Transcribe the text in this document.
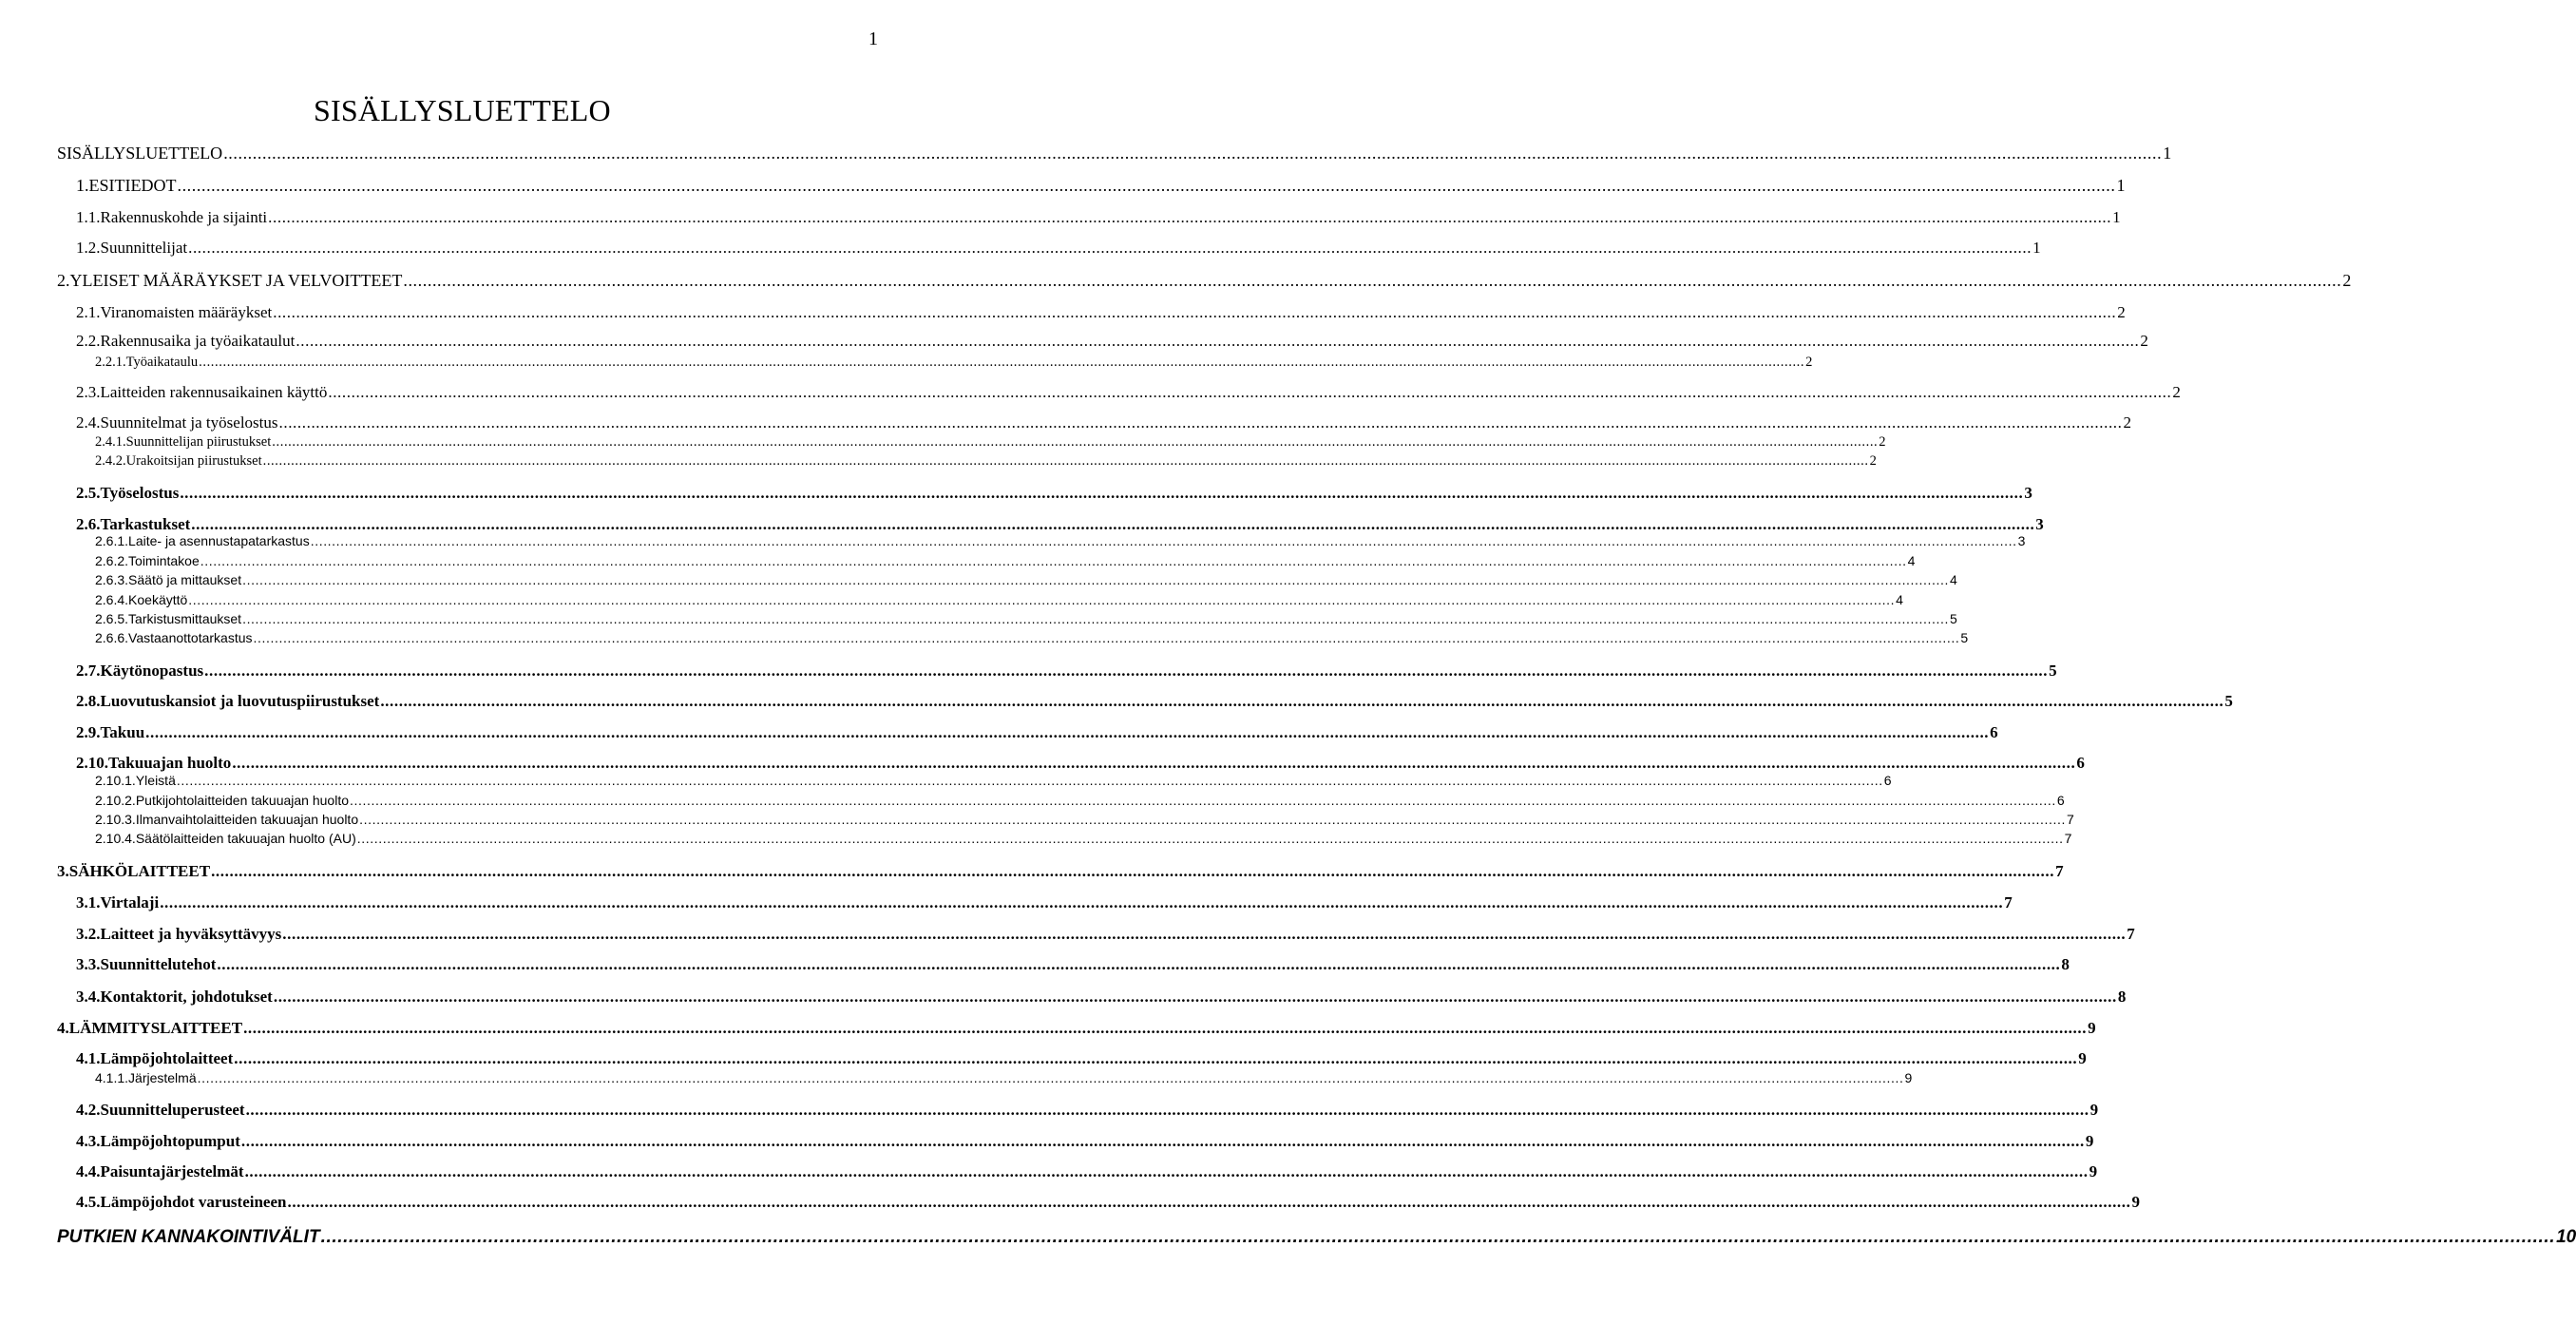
1
SISÄLLYSLUETTELO
SISÄLLYSLUETTELO ................................................................................................................................................................................................................................................................................................................................................................................................................ 1
1. ESITIEDOT ................................................................................................................................................................................................................................................................................................................................................................................................................ 1
1.1. Rakennuskohde ja sijainti ................................................................................................................................................................................................................................................................................................................................................................................................................ 1
1.2. Suunnittelijat ................................................................................................................................................................................................................................................................................................................................................................................................................ 1
2. YLEISET MÄÄRÄYKSET JA VELVOITTEET ................................................................................................................................................................................................................................................................................................................................................................................................................ 2
2.1. Viranomaisten määräykset ................................................................................................................................................................................................................................................................................................................................................................................................................ 2
2.2. Rakennusaika ja työaikataulut ................................................................................................................................................................................................................................................................................................................................................................................................................ 2
2.2.1. Työaikataulu ................................................................................................................................................................................................................................................................................................................................................................................................................ 2
2.3. Laitteiden rakennusaikainen käyttö ................................................................................................................................................................................................................................................................................................................................................................................................................ 2
2.4. Suunnitelmat ja työselostus ................................................................................................................................................................................................................................................................................................................................................................................................................ 2
2.4.1. Suunnittelijan piirustukset ................................................................................................................................................................................................................................................................................................................................................................................................................ 2
2.4.2. Urakoitsijan piirustukset ................................................................................................................................................................................................................................................................................................................................................................................................................ 2
2.5. Työselostus ................................................................................................................................................................................................................................................................................................................................................................................................................ 3
2.6. Tarkastukset ................................................................................................................................................................................................................................................................................................................................................................................................................ 3
2.6.1. Laite- ja asennustapatarkastus ................................................................................................................................................................................................................................................................................................................................................................................................................ 3
2.6.2. Toimintakoe ................................................................................................................................................................................................................................................................................................................................................................................................................ 4
2.6.3. Säätö ja mittaukset ................................................................................................................................................................................................................................................................................................................................................................................................................ 4
2.6.4. Koekäyttö ................................................................................................................................................................................................................................................................................................................................................................................................................ 4
2.6.5. Tarkistusmittaukset ................................................................................................................................................................................................................................................................................................................................................................................................................ 5
2.6.6. Vastaanottotarkastus ................................................................................................................................................................................................................................................................................................................................................................................................................ 5
2.7. Käytönopastus ................................................................................................................................................................................................................................................................................................................................................................................................................ 5
2.8. Luovutuskansiot ja luovutuspiirustukset ................................................................................................................................................................................................................................................................................................................................................................................................................ 5
2.9. Takuu ................................................................................................................................................................................................................................................................................................................................................................................................................ 6
2.10. Takuuajan huolto ................................................................................................................................................................................................................................................................................................................................................................................................................ 6
2.10.1. Yleistä ................................................................................................................................................................................................................................................................................................................................................................................................................ 6
2.10.2. Putkijohtolaitteiden takuuajan huolto ................................................................................................................................................................................................................................................................................................................................................................................................................ 6
2.10.3. Ilmanvaihtolaitteiden takuuajan huolto ................................................................................................................................................................................................................................................................................................................................................................................................................ 7
2.10.4. Säätölaitteiden takuuajan huolto (AU) ................................................................................................................................................................................................................................................................................................................................................................................................................ 7
3. SÄHKÖLAITTEET ................................................................................................................................................................................................................................................................................................................................................................................................................ 7
3.1. Virtalaji ................................................................................................................................................................................................................................................................................................................................................................................................................ 7
3.2. Laitteet ja hyväksyttävyys ................................................................................................................................................................................................................................................................................................................................................................................................................ 7
3.3. Suunnittelutehot ................................................................................................................................................................................................................................................................................................................................................................................................................ 8
3.4. Kontaktorit, johdotukset ................................................................................................................................................................................................................................................................................................................................................................................................................ 8
4. LÄMMITYSLAITTEET ................................................................................................................................................................................................................................................................................................................................................................................................................ 9
4.1. Lämpöjohtolaitteet ................................................................................................................................................................................................................................................................................................................................................................................................................ 9
4.1.1. Järjestelmä ................................................................................................................................................................................................................................................................................................................................................................................................................ 9
4.2. Suunnitteluperusteet ................................................................................................................................................................................................................................................................................................................................................................................................................ 9
4.3. Lämpöjohtopumput ................................................................................................................................................................................................................................................................................................................................................................................................................ 9
4.4. Paisuntajärjestelmät ................................................................................................................................................................................................................................................................................................................................................................................................................ 9
4.5. Lämpöjohdot varusteineen ................................................................................................................................................................................................................................................................................................................................................................................................................ 9
PUTKIEN KANNAKOINTIVÄLIT ................................................................................................................................................................................................................................................................................................................................................................................................................ 10
